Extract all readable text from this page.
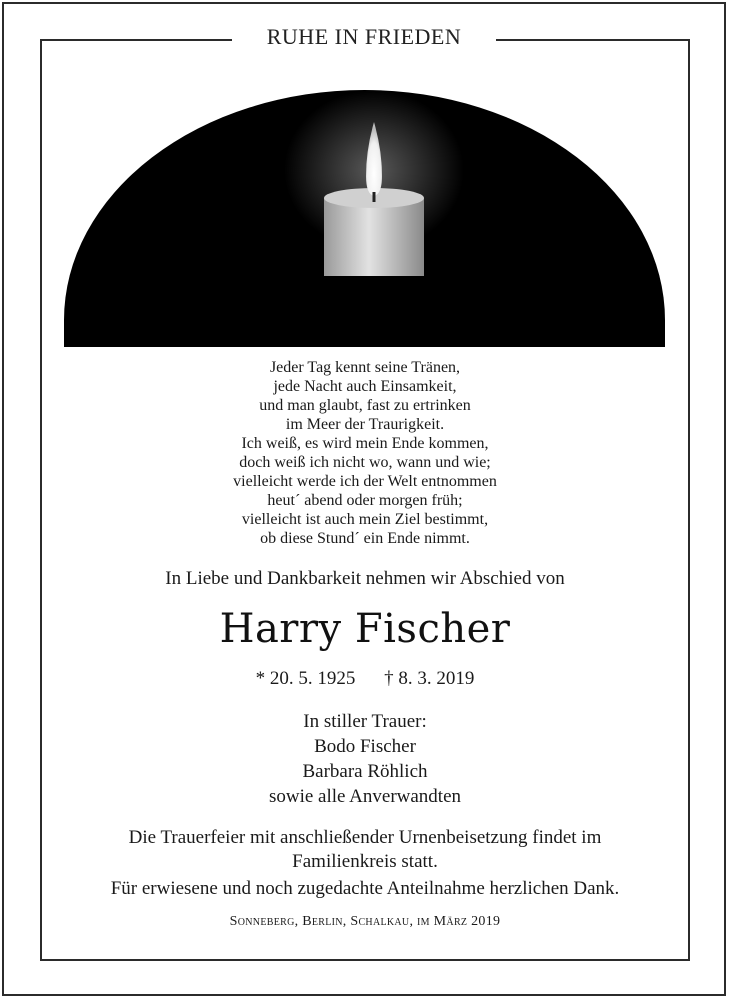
RUHE IN FRIEDEN
Jeder Tag kennt seine Tränen,
jede Nacht auch Einsamkeit,
und man glaubt, fast zu ertrinken
im Meer der Traurigkeit.
Ich weiß, es wird mein Ende kommen,
doch weiß ich nicht wo, wann und wie;
vielleicht werde ich der Welt entnommen
heut´ abend oder morgen früh;
vielleicht ist auch mein Ziel bestimmt,
ob diese Stund´ ein Ende nimmt.
In Liebe und Dankbarkeit nehmen wir Abschied von
Harry Fischer
* 20. 5. 1925 † 8. 3. 2019
In stiller Trauer:
Bodo Fischer
Barbara Röhlich
sowie alle Anverwandten
Die Trauerfeier mit anschließender Urnenbeisetzung findet im
Familienkreis statt.
Für erwiesene und noch zugedachte Anteilnahme herzlichen Dank.
Sonneberg, Berlin, Schalkau, im März 2019
